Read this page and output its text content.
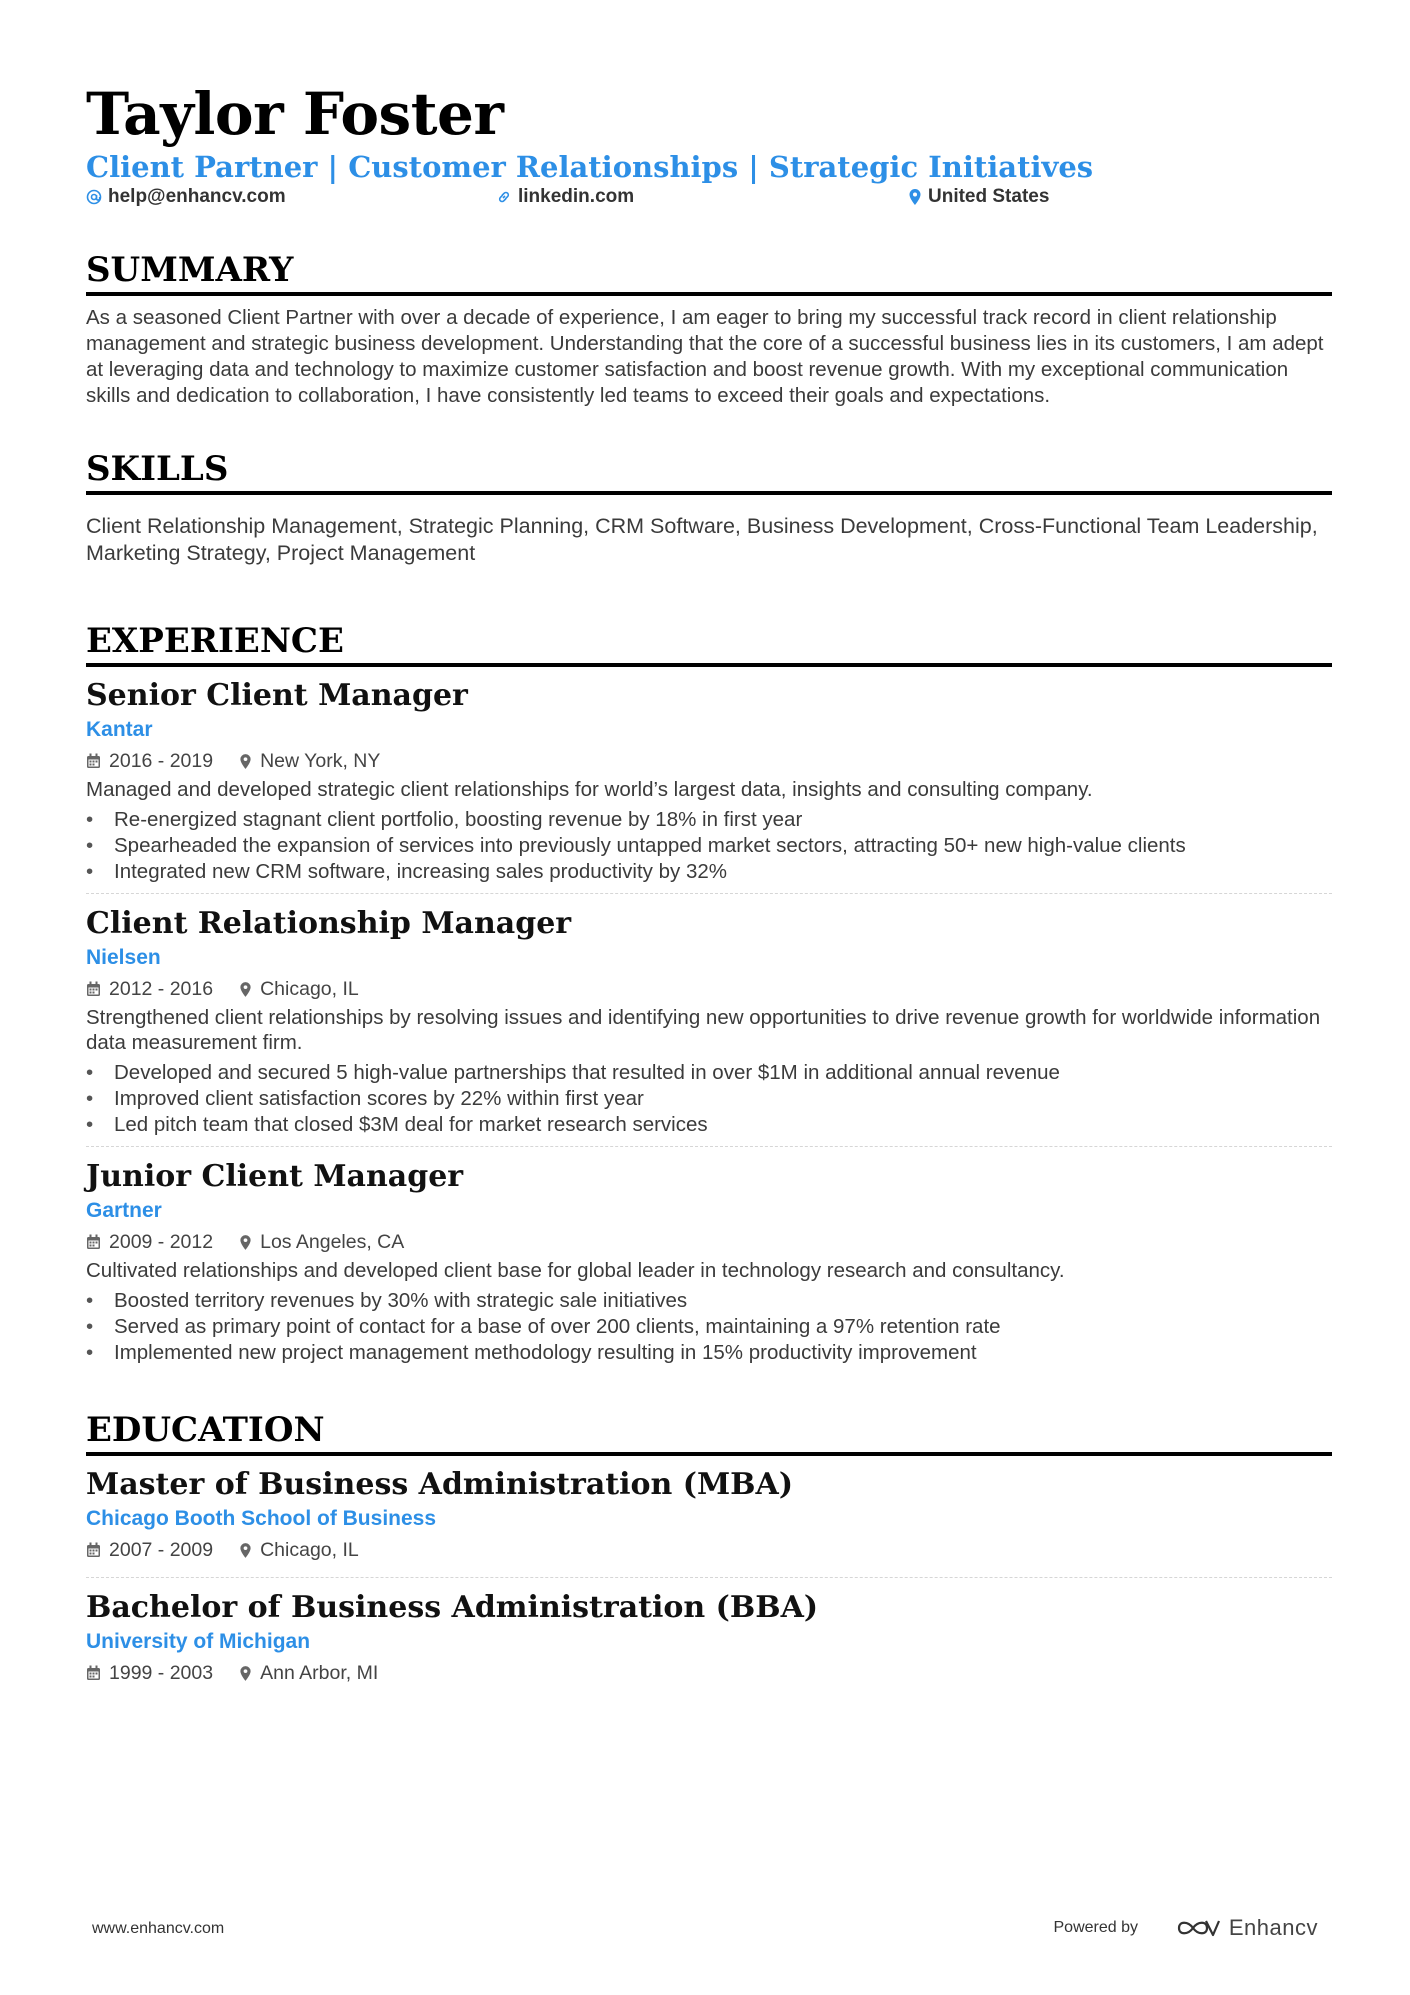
Taylor Foster
Client Partner | Customer Relationships | Strategic Initiatives
help@enhancv.com	linkedin.com	United States
SUMMARY
As a seasoned Client Partner with over a decade of experience, I am eager to bring my successful track record in client relationship management and strategic business development. Understanding that the core of a successful business lies in its customers, I am adept at leveraging data and technology to maximize customer satisfaction and boost revenue growth. With my exceptional communication skills and dedication to collaboration, I have consistently led teams to exceed their goals and expectations.
SKILLS
Client Relationship Management, Strategic Planning, CRM Software, Business Development, Cross-Functional Team Leadership, Marketing Strategy, Project Management
EXPERIENCE
Senior Client Manager
Kantar
2016 - 2019 New York, NY
Managed and developed strategic client relationships for world’s largest data, insights and consulting company.
• Re-energized stagnant client portfolio, boosting revenue by 18% in first year
• Spearheaded the expansion of services into previously untapped market sectors, attracting 50+ new high-value clients
• Integrated new CRM software, increasing sales productivity by 32%
Client Relationship Manager
Nielsen
2012 - 2016 Chicago, IL
Strengthened client relationships by resolving issues and identifying new opportunities to drive revenue growth for worldwide information data measurement firm.
• Developed and secured 5 high-value partnerships that resulted in over $1M in additional annual revenue
• Improved client satisfaction scores by 22% within first year
• Led pitch team that closed $3M deal for market research services
Junior Client Manager
Gartner
2009 - 2012 Los Angeles, CA
Cultivated relationships and developed client base for global leader in technology research and consultancy.
• Boosted territory revenues by 30% with strategic sale initiatives
• Served as primary point of contact for a base of over 200 clients, maintaining a 97% retention rate
• Implemented new project management methodology resulting in 15% productivity improvement
EDUCATION
Master of Business Administration (MBA)
Chicago Booth School of Business
2007 - 2009 Chicago, IL
Bachelor of Business Administration (BBA)
University of Michigan
1999 - 2003 Ann Arbor, MI
www.enhancv.com	Powered by	Enhancv
